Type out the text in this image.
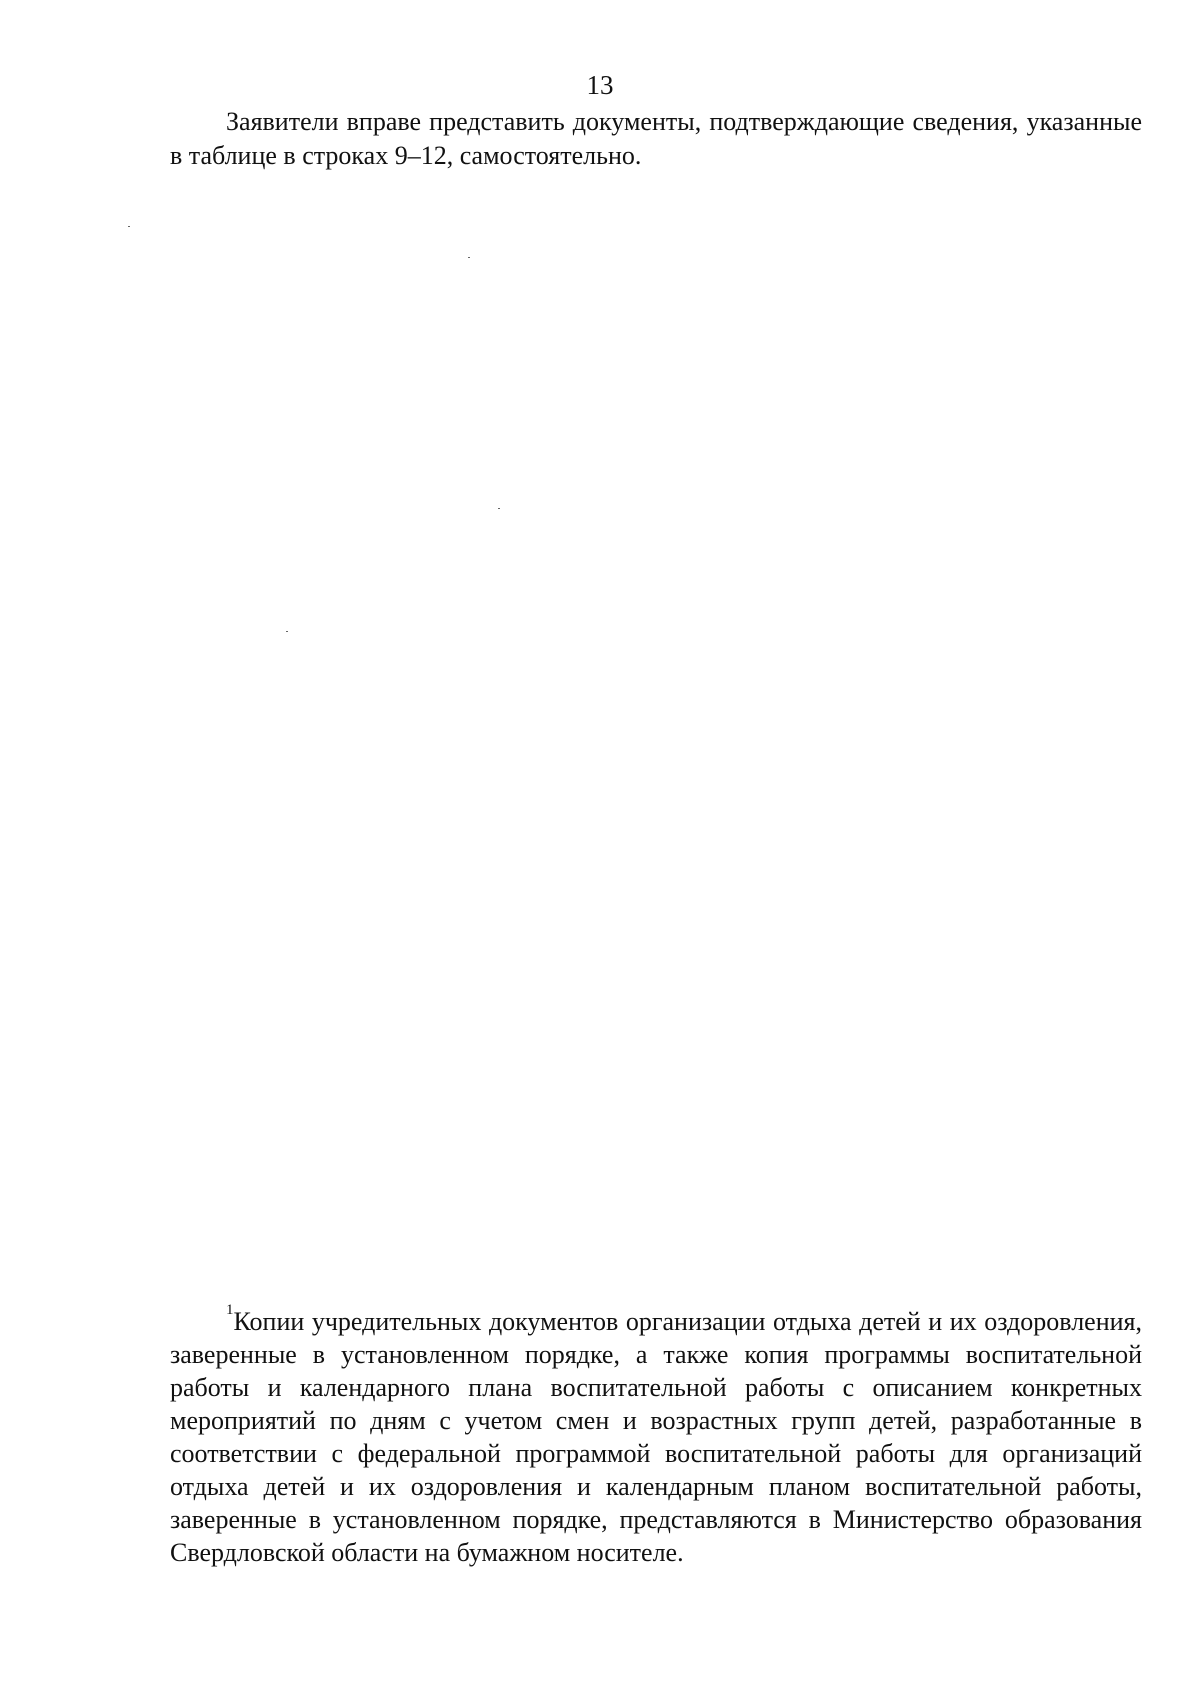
13

Заявители вправе представить документы, подтверждающие сведения, указанные в таблице в строках 9–12, самостоятельно.

$^1$Копии учредительных документов организации отдыха детей и их оздоровления, заверенные в установленном порядке, а также копия программы воспитательной работы и календарного плана воспитательной работы с описанием конкретных мероприятий по дням с учетом смен и возрастных групп детей, разработанные в соответствии с федеральной программой воспитательной работы для организаций отдыха детей и их оздоровления и календарным планом воспитательной работы, заверенные в установленном порядке, представляются в Министерство образования Свердловской области на бумажном носителе.
